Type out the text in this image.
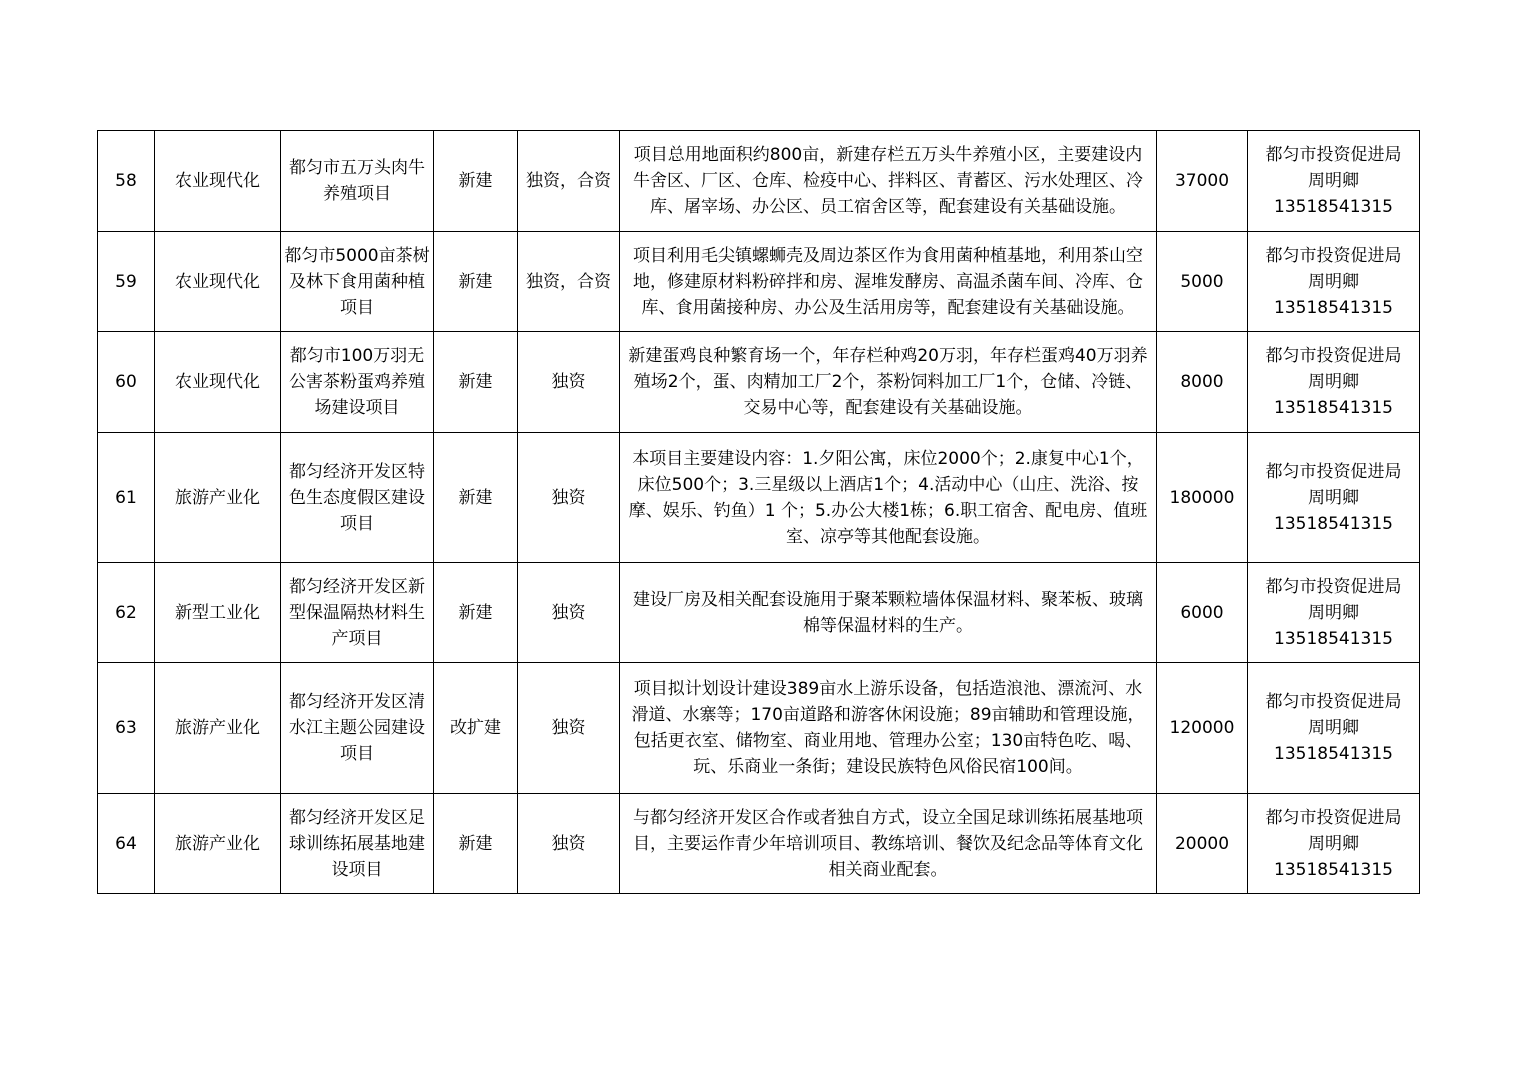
58	农业现代化	都匀市五万头肉牛养殖项目	新建	独资，合资	项目总用地面积约800亩，新建存栏五万头牛养殖小区，主要建设内牛舍区、厂区、仓库、检疫中心、拌料区、青蓄区、污水处理区、冷库、屠宰场、办公区、员工宿舍区等，配套建设有关基础设施。	37000	都匀市投资促进局
周明卿
13518541315

59	农业现代化	都匀市5000亩茶树及林下食用菌种植项目	新建	独资，合资	项目利用毛尖镇螺蛳壳及周边茶区作为食用菌种植基地，利用茶山空地，修建原材料粉碎拌和房、渥堆发酵房、高温杀菌车间、冷库、仓库、食用菌接种房、办公及生活用房等，配套建设有关基础设施。	5000	都匀市投资促进局
周明卿
13518541315

60	农业现代化	都匀市100万羽无公害茶粉蛋鸡养殖场建设项目	新建	独资	新建蛋鸡良种繁育场一个，年存栏种鸡20万羽，年存栏蛋鸡40万羽养殖场2个，蛋、肉精加工厂2个，茶粉饲料加工厂1个，仓储、冷链、交易中心等，配套建设有关基础设施。	8000	都匀市投资促进局
周明卿
13518541315

61	旅游产业化	都匀经济开发区特色生态度假区建设项目	新建	独资	本项目主要建设内容：1.夕阳公寓，床位2000个；2.康复中心1个，床位500个；3.三星级以上酒店1个；4.活动中心（山庄、洗浴、按摩、娱乐、钓鱼）1 个；5.办公大楼1栋；6.职工宿舍、配电房、值班室、凉亭等其他配套设施。	180000	都匀市投资促进局
周明卿
13518541315

62	新型工业化	都匀经济开发区新型保温隔热材料生产项目	新建	独资	建设厂房及相关配套设施用于聚苯颗粒墙体保温材料、聚苯板、玻璃棉等保温材料的生产。	6000	都匀市投资促进局
周明卿
13518541315

63	旅游产业化	都匀经济开发区清水江主题公园建设项目	改扩建	独资	项目拟计划设计建设389亩水上游乐设备，包括造浪池、漂流河、水滑道、水寨等；170亩道路和游客休闲设施；89亩辅助和管理设施，包括更衣室、储物室、商业用地、管理办公室；130亩特色吃、喝、玩、乐商业一条街；建设民族特色风俗民宿100间。	120000	都匀市投资促进局
周明卿
13518541315

64	旅游产业化	都匀经济开发区足球训练拓展基地建设项目	新建	独资	与都匀经济开发区合作或者独自方式，设立全国足球训练拓展基地项目，主要运作青少年培训项目、教练培训、餐饮及纪念品等体育文化相关商业配套。	20000	都匀市投资促进局
周明卿
13518541315
